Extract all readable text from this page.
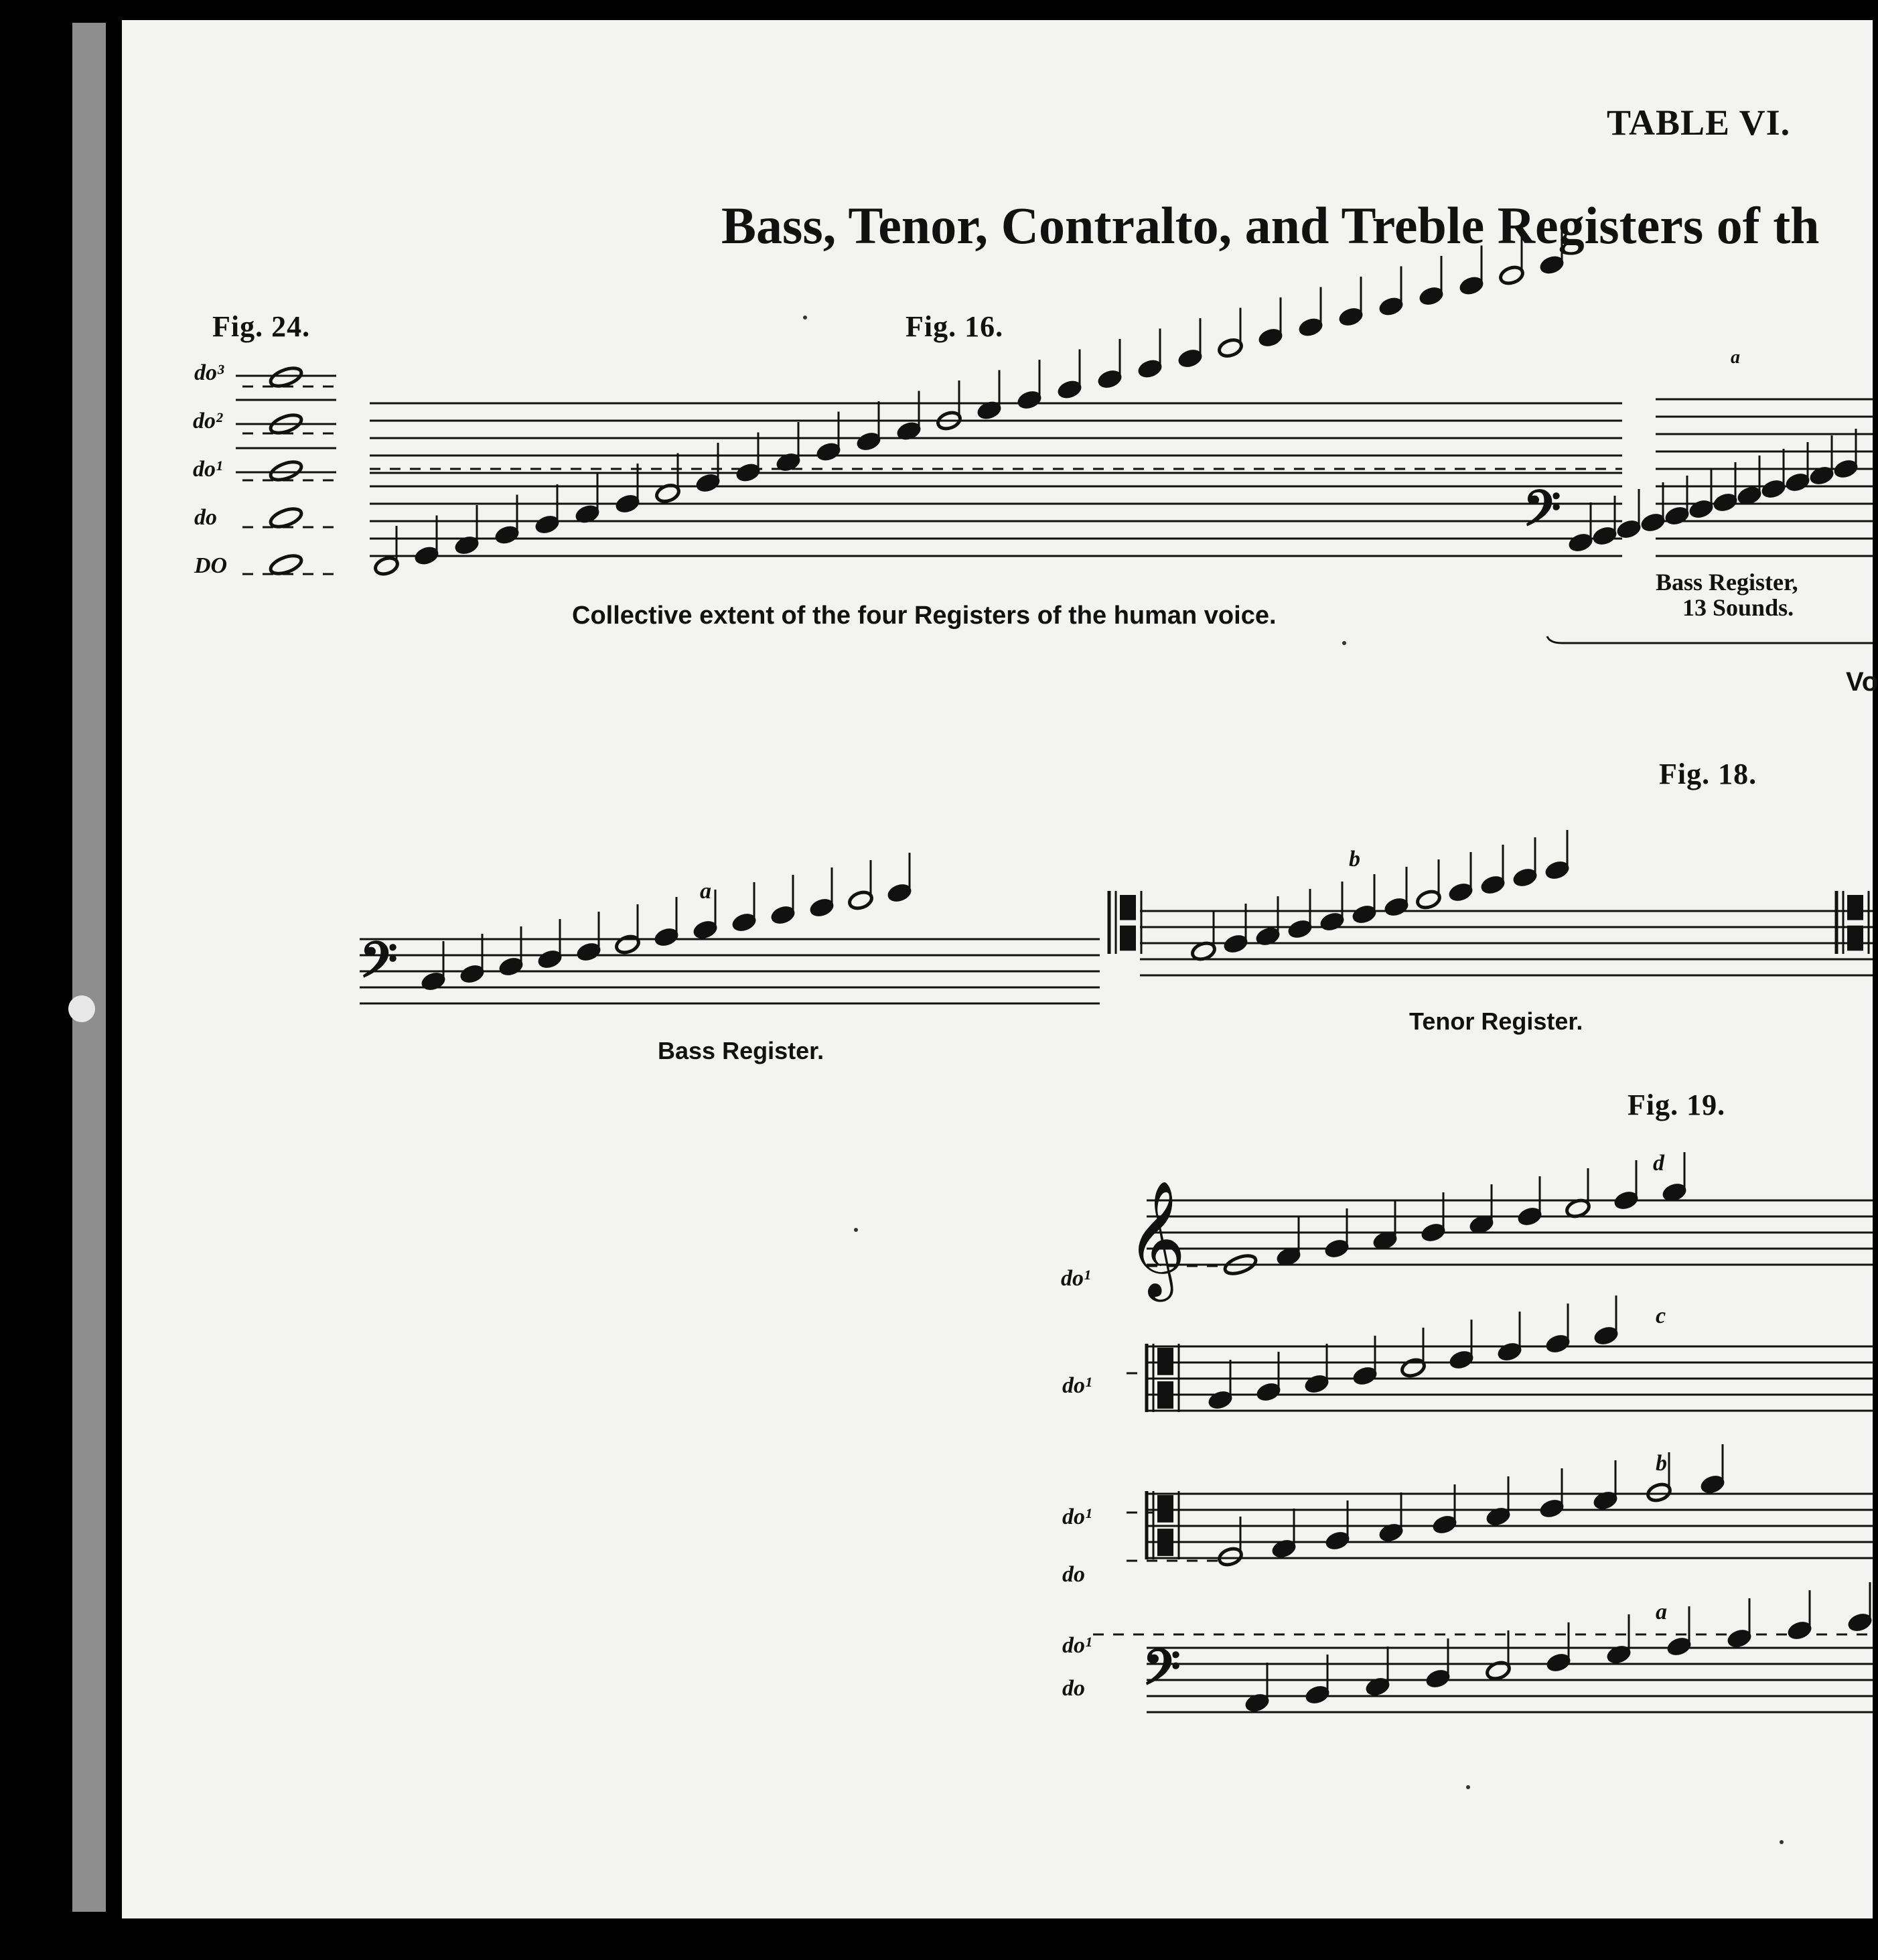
TABLE VI.
Bass, Tenor, Contralto, and Treble Registers of th
Fig. 24.
do³
do²
do¹
do
DO
Fig. 16.
Collective extent of the four Registers of the human voice.
a
Bass Register,
13 Sounds.
Vo
Fig. 18.
a
Bass Register.
b
Tenor Register.
Fig. 19.
d
do¹
c
do¹
b
do¹
do
a
do¹
do
𝄢
𝄢
𝄞
𝄢
